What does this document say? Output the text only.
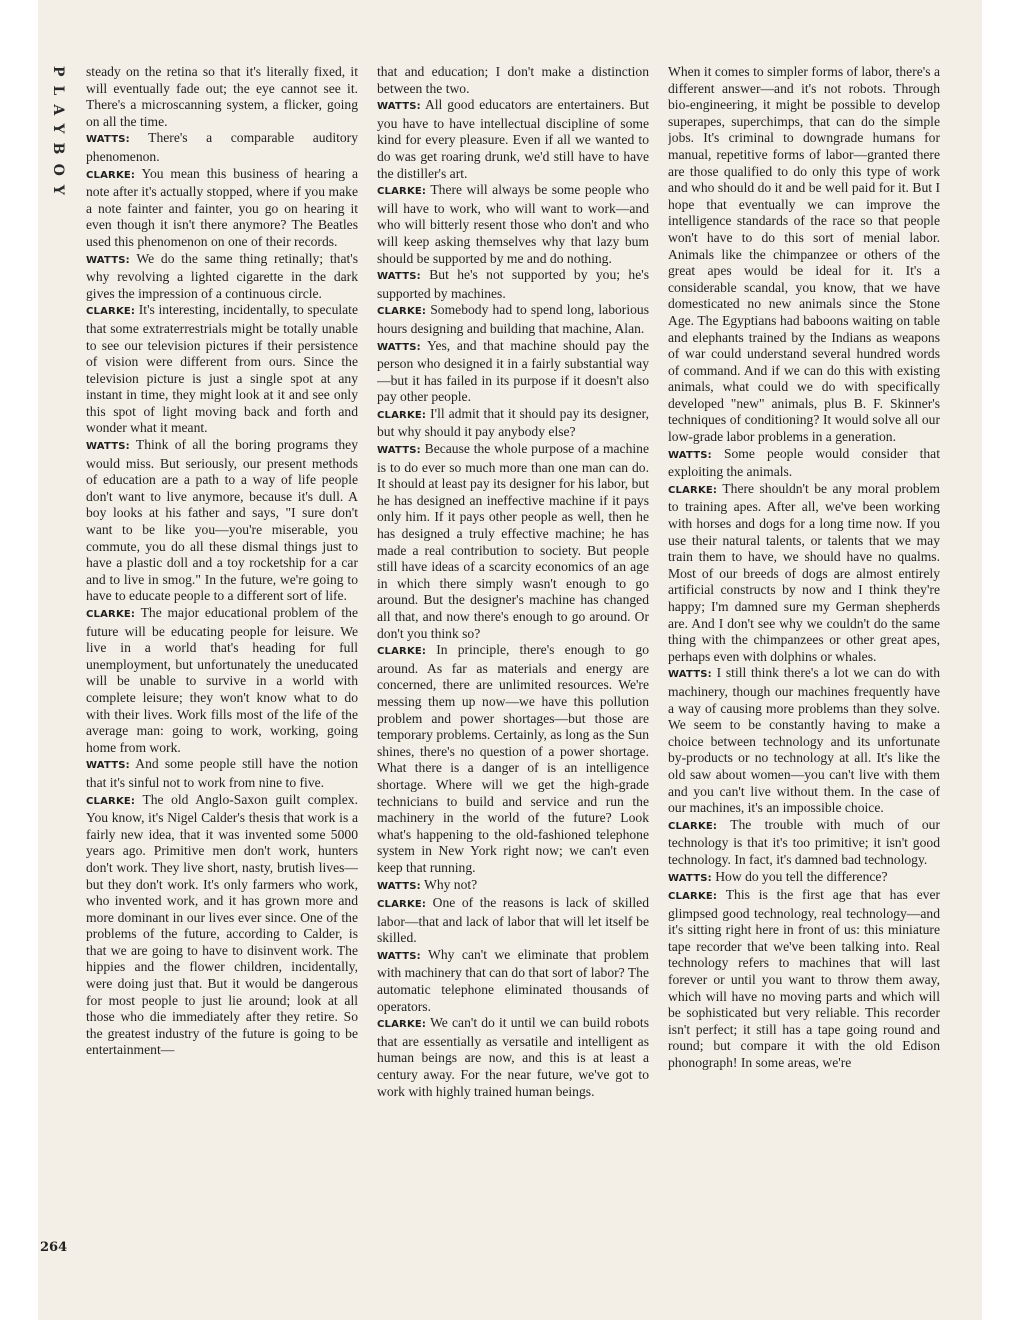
PLAYBOY steady on the retina so that it's literally fixed, it will eventually fade out; the eye cannot see it. There's a microscanning system, a flicker, going on all the time.

WATTS: There's a comparable auditory phenomenon.

CLARKE: You mean this business of hearing a note after it's actually stopped, where if you make a note fainter and fainter, you go on hearing it even though it isn't there anymore? The Beatles used this phenomenon on one of their records.

WATTS: We do the same thing retinally; that's why revolving a lighted cigarette in the dark gives the impression of a continuous circle.

CLARKE: It's interesting, incidentally, to speculate that some extraterrestrials might be totally unable to see our television pictures if their persistence of vision were different from ours. Since the television picture is just a single spot at any instant in time, they might look at it and see only this spot of light moving back and forth and wonder what it meant.

WATTS: Think of all the boring programs they would miss. But seriously, our present methods of education are a path to a way of life people don't want to live anymore, because it's dull. A boy looks at his father and says, "I sure don't want to be like you—you're miserable, you commute, you do all these dismal things just to have a plastic doll and a toy rocketship for a car and to live in smog." In the future, we're going to have to educate people to a different sort of life.

CLARKE: The major educational problem of the future will be educating people for leisure. We live in a world that's heading for full unemployment, but unfortunately the uneducated will be unable to survive in a world with complete leisure; they won't know what to do with their lives. Work fills most of the life of the average man: going to work, working, going home from work.

WATTS: And some people still have the notion that it's sinful not to work from nine to five.

CLARKE: The old Anglo-Saxon guilt complex. You know, it's Nigel Calder's thesis that work is a fairly new idea, that it was invented some 5000 years ago. Primitive men don't work, hunters don't work. They live short, nasty, brutish lives—but they don't work. It's only farmers who work, who invented work, and it has grown more and more dominant in our lives ever since. One of the problems of the future, according to Calder, is that we are going to have to disinvent work. The hippies and the flower children, incidentally, were doing just that. But it would be dangerous for most people to just lie around; look at all those who die immediately after they retire. So the greatest industry of the future is going to be entertainment—

that and education; I don't make a distinction between the two.

WATTS: All good educators are entertainers. But you have to have intellectual discipline of some kind for every pleasure. Even if all we wanted to do was get roaring drunk, we'd still have to have the distiller's art.

CLARKE: There will always be some people who will have to work, who will want to work—and who will bitterly resent those who don't and who will keep asking themselves why that lazy bum should be supported by me and do nothing.

WATTS: But he's not supported by you; he's supported by machines.

CLARKE: Somebody had to spend long, laborious hours designing and building that machine, Alan.

WATTS: Yes, and that machine should pay the person who designed it in a fairly substantial way—but it has failed in its purpose if it doesn't also pay other people.

CLARKE: I'll admit that it should pay its designer, but why should it pay anybody else?

WATTS: Because the whole purpose of a machine is to do ever so much more than one man can do. It should at least pay its designer for his labor, but he has designed an ineffective machine if it pays only him. If it pays other people as well, then he has designed a truly effective machine; he has made a real contribution to society. But people still have ideas of a scarcity economics of an age in which there simply wasn't enough to go around. But the designer's machine has changed all that, and now there's enough to go around. Or don't you think so?

CLARKE: In principle, there's enough to go around. As far as materials and energy are concerned, there are unlimited resources. We're messing them up now—we have this pollution problem and power shortages—but those are temporary problems. Certainly, as long as the Sun shines, there's no question of a power shortage. What there is a danger of is an intelligence shortage. Where will we get the high-grade technicians to build and service and run the machinery in the world of the future? Look what's happening to the old-fashioned telephone system in New York right now; we can't even keep that running.

WATTS: Why not?

CLARKE: One of the reasons is lack of skilled labor—that and lack of labor that will let itself be skilled.

WATTS: Why can't we eliminate that problem with machinery that can do that sort of labor? The automatic telephone eliminated thousands of operators.

CLARKE: We can't do it until we can build robots that are essentially as versatile and intelligent as human beings are now, and this is at least a century away. For the near future, we've got to work with highly trained human beings.

When it comes to simpler forms of labor, there's a different answer—and it's not robots. Through bio-engineering, it might be possible to develop superapes, superchimps, that can do the simple jobs. It's criminal to downgrade humans for manual, repetitive forms of labor—granted there are those qualified to do only this type of work and who should do it and be well paid for it. But I hope that eventually we can improve the intelligence standards of the race so that people won't have to do this sort of menial labor. Animals like the chimpanzee or others of the great apes would be ideal for it. It's a considerable scandal, you know, that we have domesticated no new animals since the Stone Age. The Egyptians had baboons waiting on table and elephants trained by the Indians as weapons of war could understand several hundred words of command. And if we can do this with existing animals, what could we do with specifically developed "new" animals, plus B. F. Skinner's techniques of conditioning? It would solve all our low-grade labor problems in a generation.

WATTS: Some people would consider that exploiting the animals.

CLARKE: There shouldn't be any moral problem to training apes. After all, we've been working with horses and dogs for a long time now. If you use their natural talents, or talents that we may train them to have, we should have no qualms. Most of our breeds of dogs are almost entirely artificial constructs by now and I think they're happy; I'm damned sure my German shepherds are. And I don't see why we couldn't do the same thing with the chimpanzees or other great apes, perhaps even with dolphins or whales.

WATTS: I still think there's a lot we can do with machinery, though our machines frequently have a way of causing more problems than they solve. We seem to be constantly having to make a choice between technology and its unfortunate by-products or no technology at all. It's like the old saw about women—you can't live with them and you can't live without them. In the case of our machines, it's an impossible choice.

CLARKE: The trouble with much of our technology is that it's too primitive; it isn't good technology. In fact, it's damned bad technology.

WATTS: How do you tell the difference?

CLARKE: This is the first age that has ever glimpsed good technology, real technology—and it's sitting right here in front of us: this miniature tape recorder that we've been talking into. Real technology refers to machines that will last forever or until you want to throw them away, which will have no moving parts and which will be sophisticated but very reliable. This recorder isn't perfect; it still has a tape going round and round; but compare it with the old Edison phonograph! In some areas, we're

264
